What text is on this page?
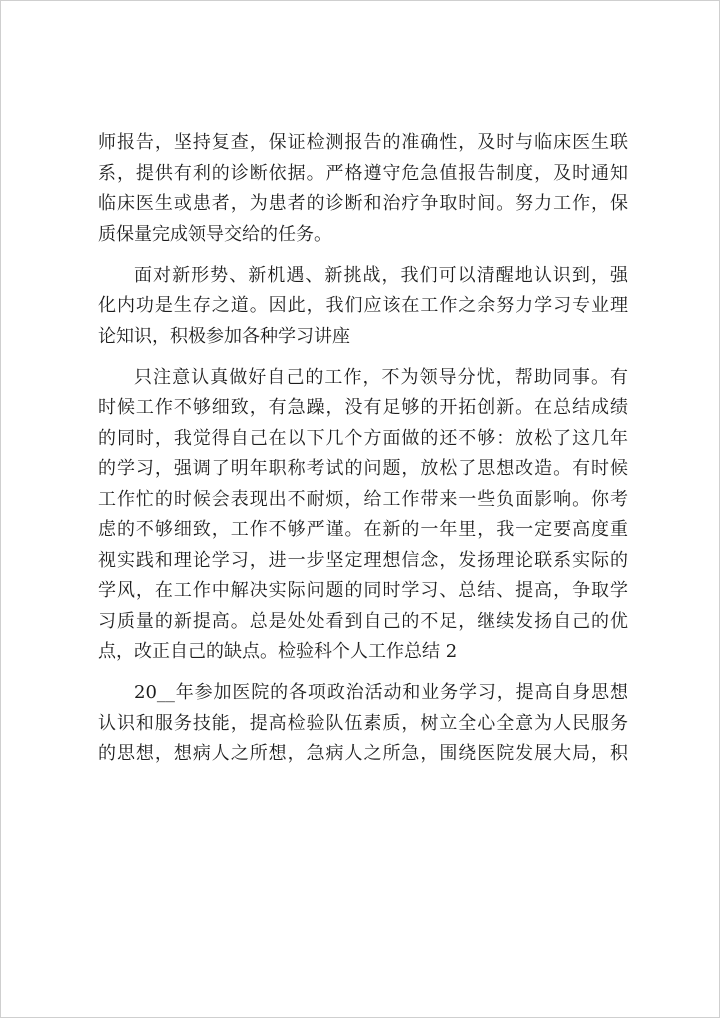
师报告，坚持复查，保证检测报告的准确性，及时与临床医生联
系，提供有利的诊断依据。严格遵守危急值报告制度，及时通知
临床医生或患者，为患者的诊断和治疗争取时间。努力工作，保
质保量完成领导交给的任务。
面对新形势、新机遇、新挑战，我们可以清醒地认识到，强
化内功是生存之道。因此，我们应该在工作之余努力学习专业理
论知识，积极参加各种学习讲座
只注意认真做好自己的工作，不为领导分忧，帮助同事。有
时候工作不够细致，有急躁，没有足够的开拓创新。在总结成绩
的同时，我觉得自己在以下几个方面做的还不够：放松了这几年
的学习，强调了明年职称考试的问题，放松了思想改造。有时候
工作忙的时候会表现出不耐烦，给工作带来一些负面影响。你考
虑的不够细致，工作不够严谨。在新的一年里，我一定要高度重
视实践和理论学习，进一步坚定理想信念，发扬理论联系实际的
学风，在工作中解决实际问题的同时学习、总结、提高，争取学
习质量的新提高。总是处处看到自己的不足，继续发扬自己的优
点，改正自己的缺点。检验科个人工作总结 2
20__年参加医院的各项政治活动和业务学习，提高自身思想
认识和服务技能，提高检验队伍素质，树立全心全意为人民服务
的思想，想病人之所想，急病人之所急，围绕医院发展大局，积
